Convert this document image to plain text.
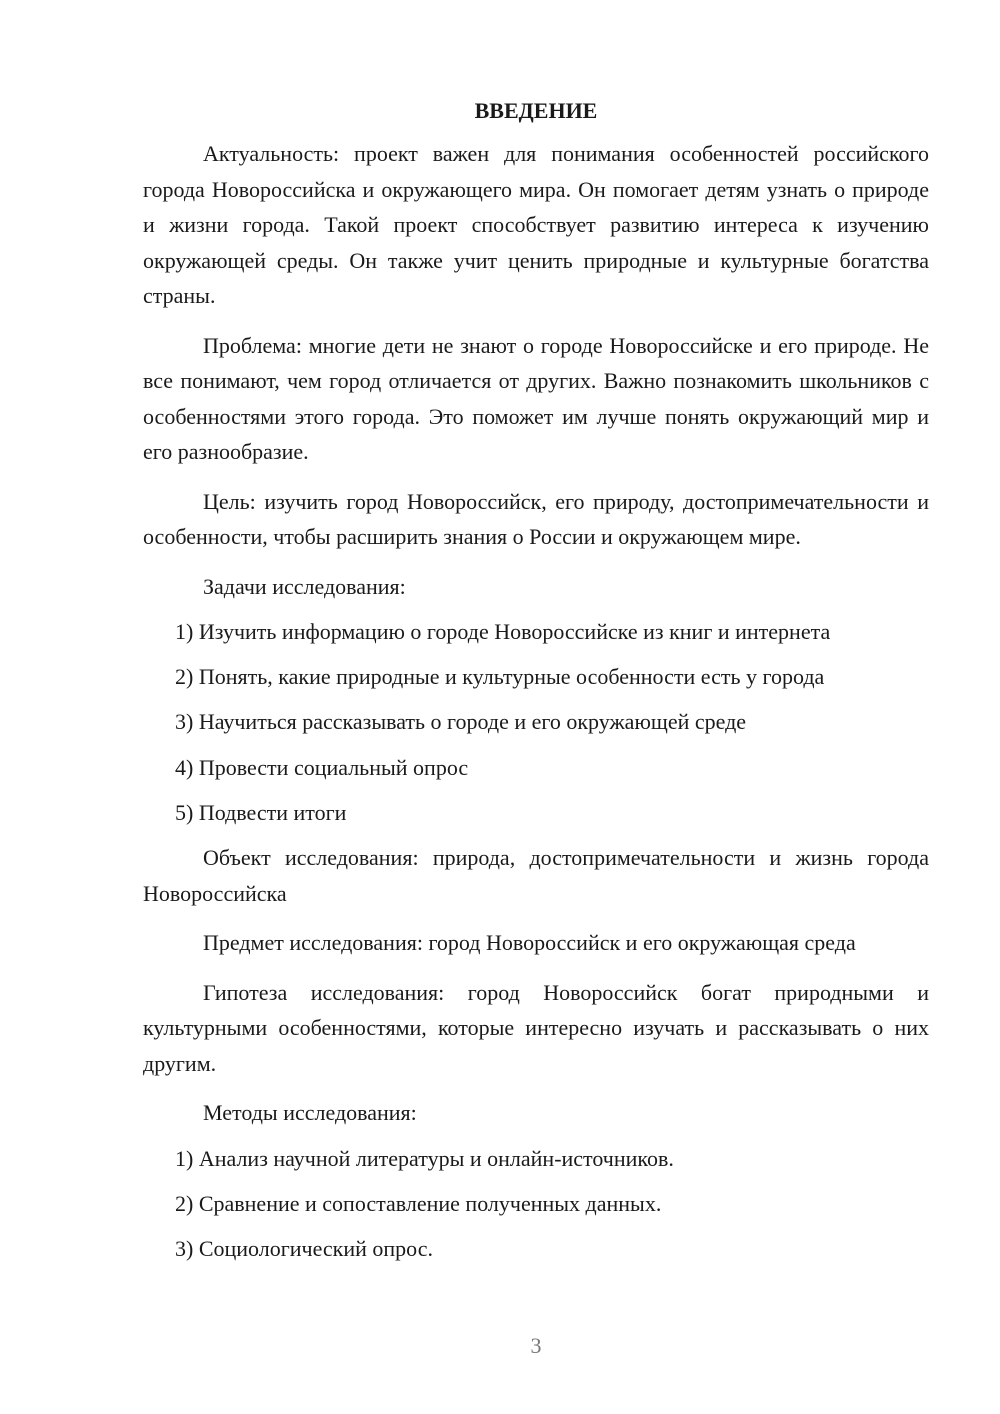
ВВЕДЕНИЕ

Актуальность: проект важен для понимания особенностей российского города Новороссийска и окружающего мира. Он помогает детям узнать о природе и жизни города. Такой проект способствует развитию интереса к изучению окружающей среды. Он также учит ценить природные и культурные богатства страны.

Проблема: многие дети не знают о городе Новороссийске и его природе. Не все понимают, чем город отличается от других. Важно познакомить школьников с особенностями этого города. Это поможет им лучше понять окружающий мир и его разнообразие.

Цель: изучить город Новороссийск, его природу, достопримечательности и особенности, чтобы расширить знания о России и окружающем мире.

Задачи исследования:

1) Изучить информацию о городе Новороссийске из книг и интернета

2) Понять, какие природные и культурные особенности есть у города

3) Научиться рассказывать о городе и его окружающей среде

4) Провести социальный опрос

5) Подвести итоги

Объект исследования: природа, достопримечательности и жизнь города Новороссийска

Предмет исследования: город Новороссийск и его окружающая среда

Гипотеза исследования: город Новороссийск богат природными и культурными особенностями, которые интересно изучать и рассказывать о них другим.

Методы исследования:

1) Анализ научной литературы и онлайн-источников.

2) Сравнение и сопоставление полученных данных.

3) Социологический опрос.

3
